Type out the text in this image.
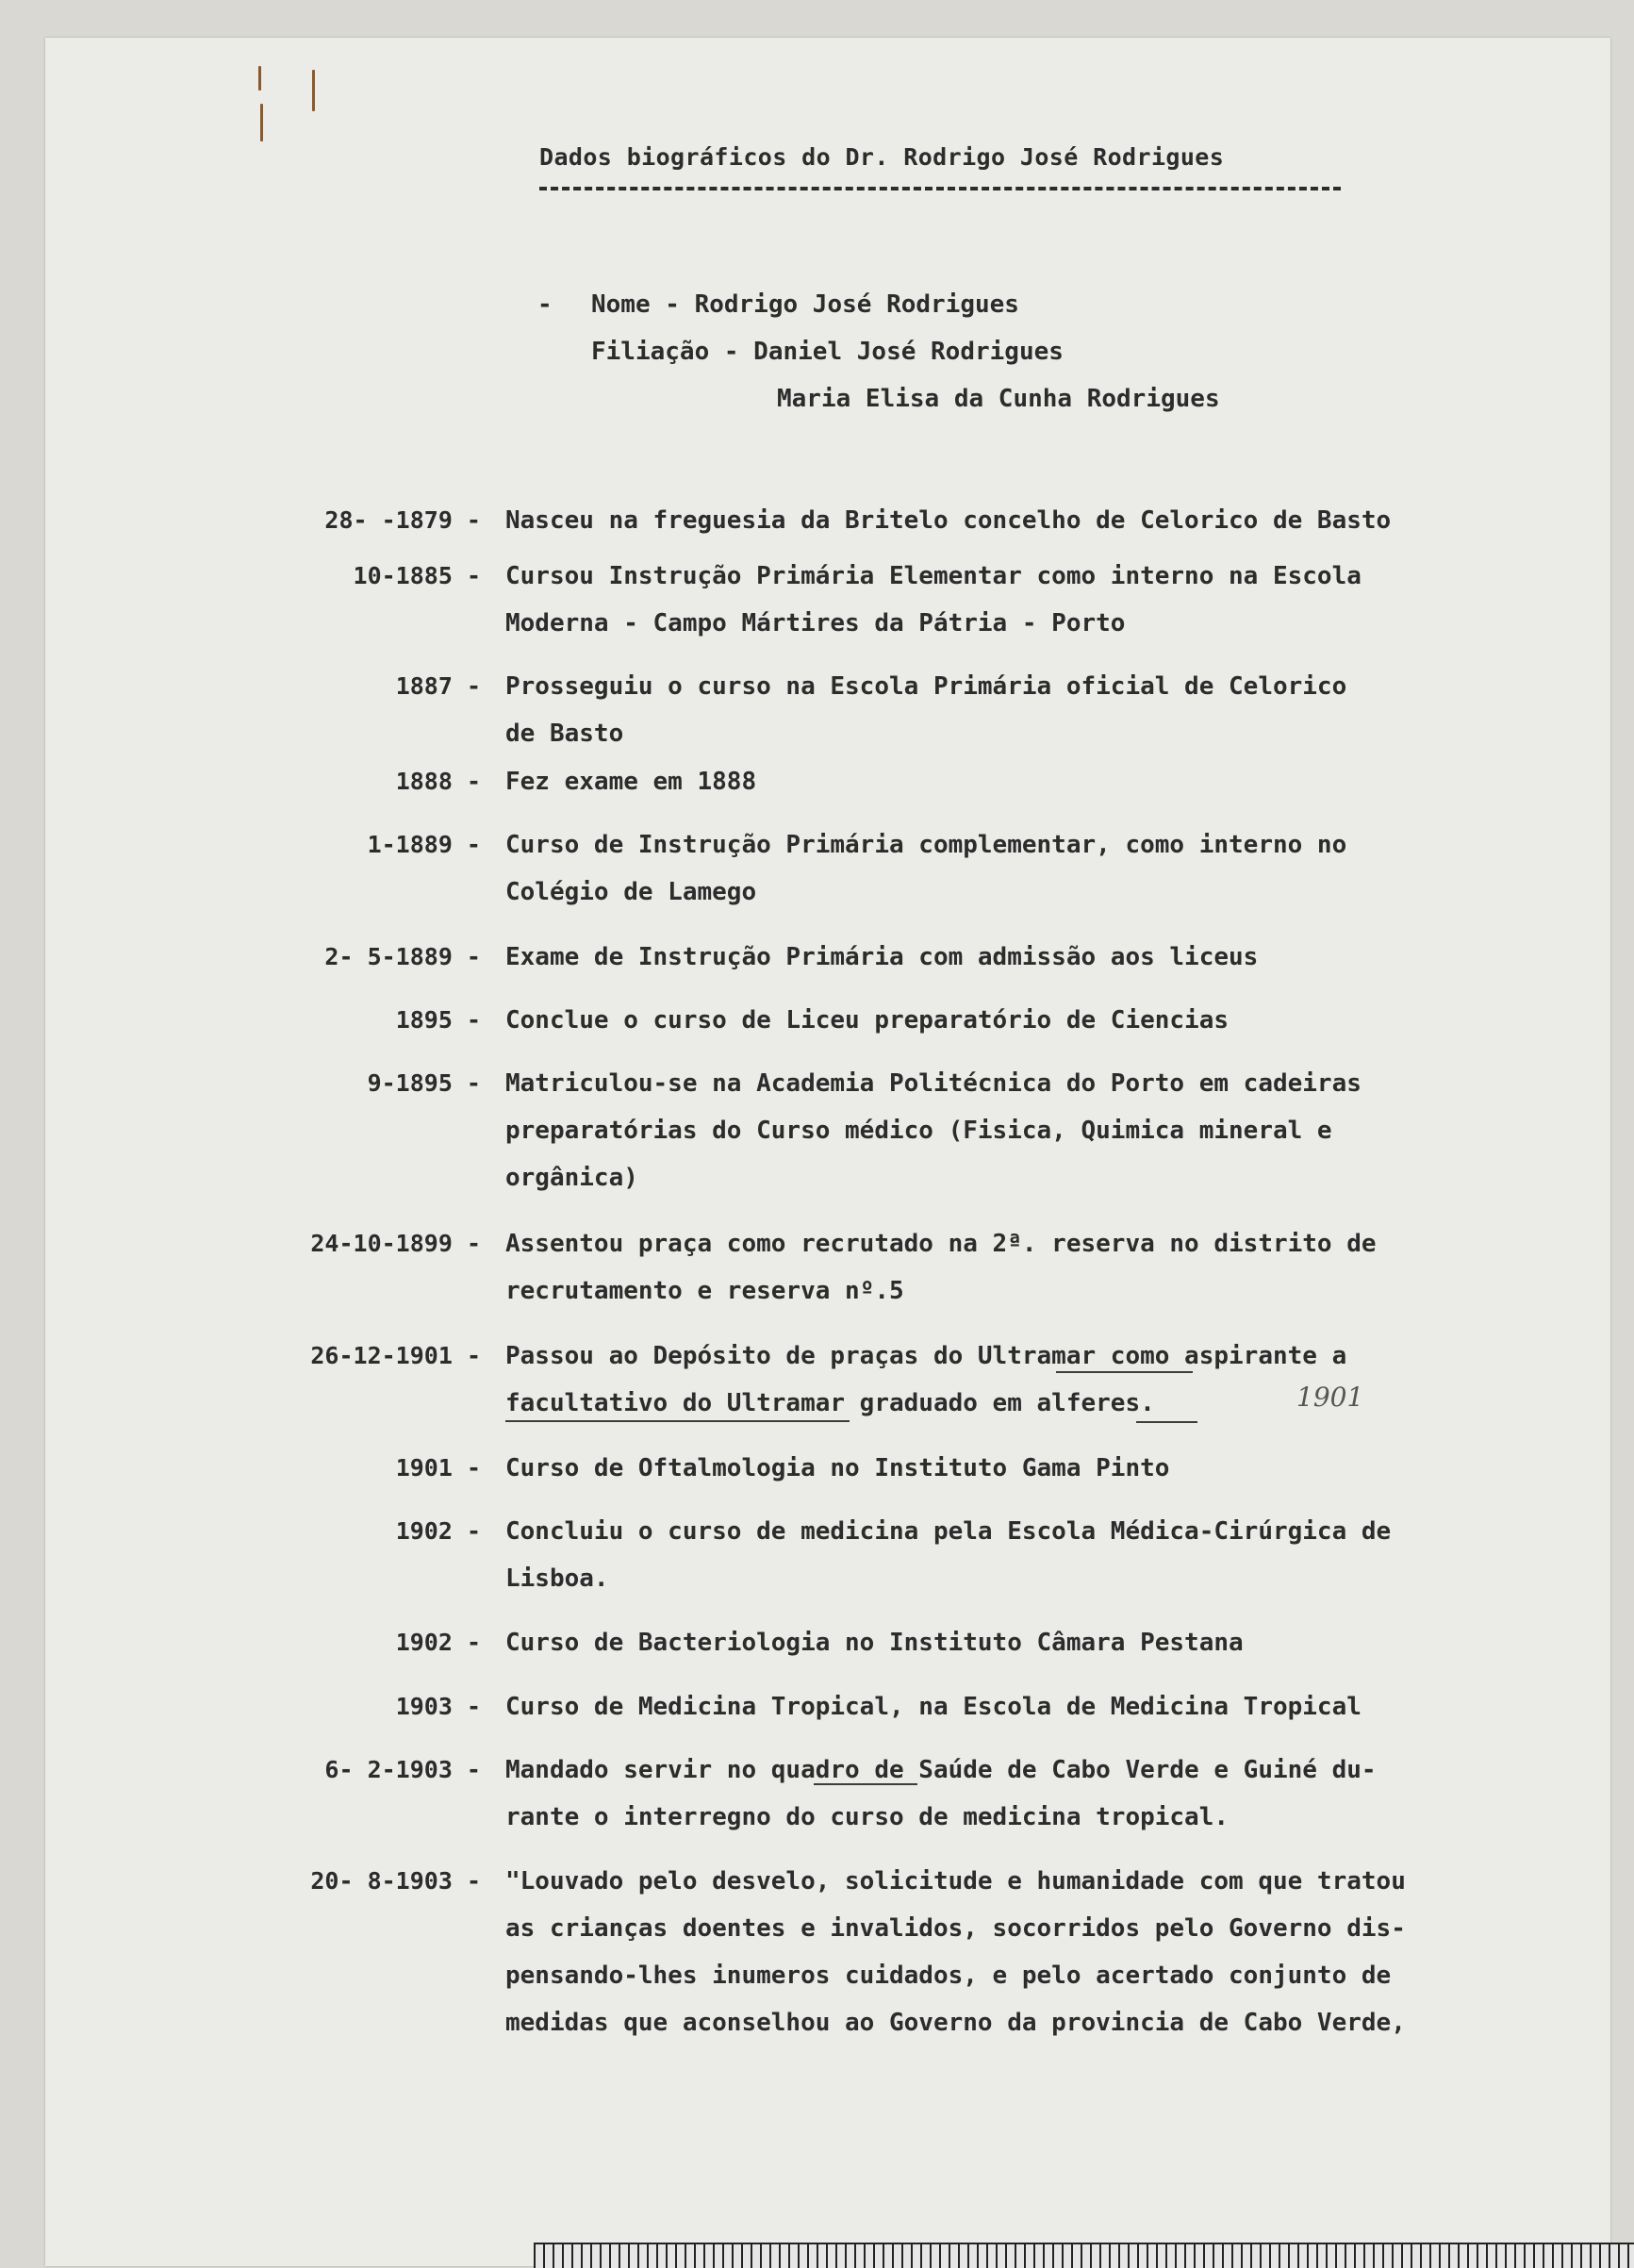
Dados biográficos do Dr. Rodrigo José Rodrigues
- Nome - Rodrigo José Rodrigues
Filiação - Daniel José Rodrigues
Maria Elisa da Cunha Rodrigues
28- -1879 - Nasceu na freguesia da Britelo concelho de Celorico de Basto
10-1885 - Cursou Instrução Primária Elementar como interno na Escola
Moderna - Campo Mártires da Pátria - Porto
1887 - Prosseguiu o curso na Escola Primária oficial de Celorico
de Basto
1888 - Fez exame em 1888
1-1889 - Curso de Instrução Primária complementar, como interno no
Colégio de Lamego
2- 5-1889 - Exame de Instrução Primária com admissão aos liceus
1895 - Conclue o curso de Liceu preparatório de Ciencias
9-1895 - Matriculou-se na Academia Politécnica do Porto em cadeiras
preparatórias do Curso médico (Fisica, Quimica mineral e
orgânica)
24-10-1899 - Assentou praça como recrutado na 2ª. reserva no distrito de
recrutamento e reserva nº.5
26-12-1901 - Passou ao Depósito de praças do Ultramar como aspirante a
facultativo do Ultramar graduado em alferes.
1901 - Curso de Oftalmologia no Instituto Gama Pinto
1902 - Concluiu o curso de medicina pela Escola Médica-Cirúrgica de
Lisboa.
1902 - Curso de Bacteriologia no Instituto Câmara Pestana
1903 - Curso de Medicina Tropical, na Escola de Medicina Tropical
6- 2-1903 - Mandado servir no quadro de Saúde de Cabo Verde e Guiné du-
rante o interregno do curso de medicina tropical.
20- 8-1903 - "Louvado pelo desvelo, solicitude e humanidade com que tratou
as crianças doentes e invalidos, socorridos pelo Governo dis-
pensando-lhes inumeros cuidados, e pelo acertado conjunto de
medidas que aconselhou ao Governo da provincia de Cabo Verde,
1901
